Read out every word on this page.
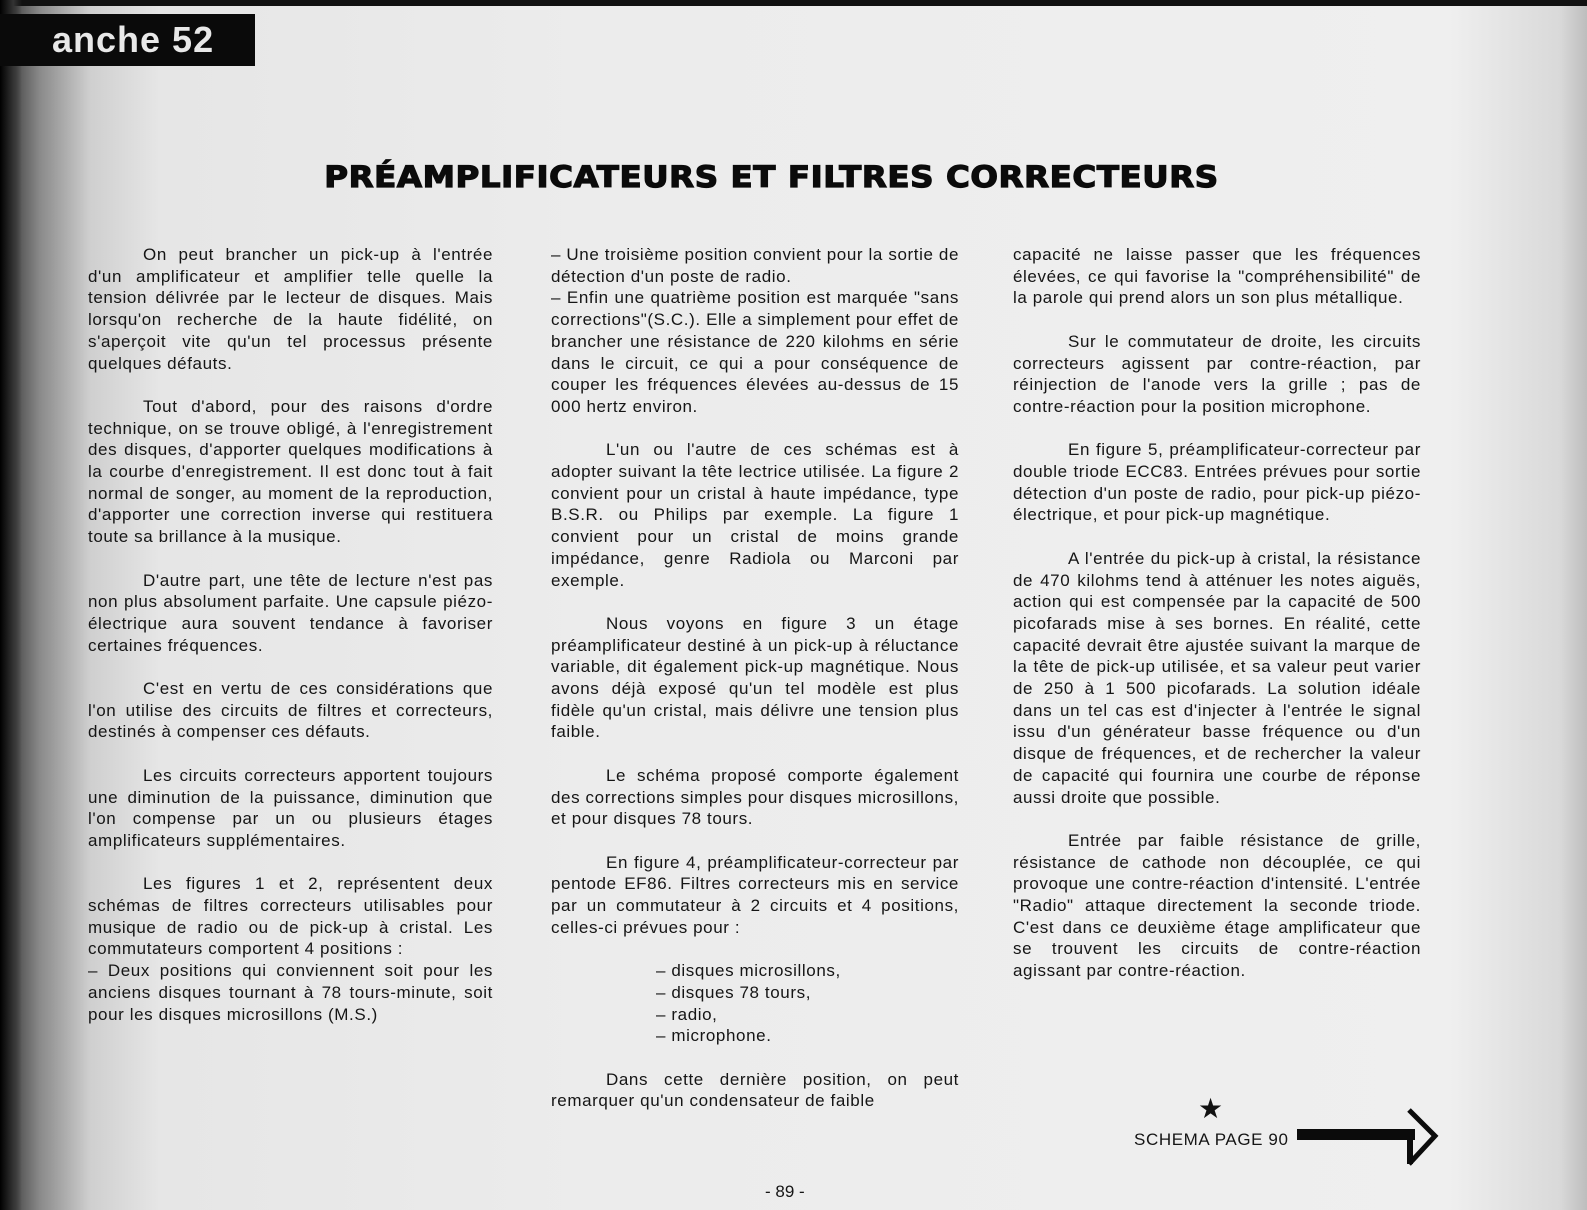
anche 52
PRÉAMPLIFICATEURS ET FILTRES CORRECTEURS

On peut brancher un pick-up à l'entrée d'un amplificateur et amplifier telle quelle la tension délivrée par le lecteur de disques. Mais lorsqu'on recherche de la haute fidélité, on s'aperçoit vite qu'un tel processus présente quelques défauts.

Tout d'abord, pour des raisons d'ordre technique, on se trouve obligé, à l'enregistrement des disques, d'apporter quelques modifications à la courbe d'enregistrement. Il est donc tout à fait normal de songer, au moment de la reproduction, d'apporter une correction inverse qui restituera toute sa brillance à la musique.

D'autre part, une tête de lecture n'est pas non plus absolument parfaite. Une capsule piézo-électrique aura souvent tendance à favoriser certaines fréquences.

C'est en vertu de ces considérations que l'on utilise des circuits de filtres et correcteurs, destinés à compenser ces défauts.

Les circuits correcteurs apportent toujours une diminution de la puissance, diminution que l'on compense par un ou plusieurs étages amplificateurs supplémentaires.

Les figures 1 et 2, représentent deux schémas de filtres correcteurs utilisables pour musique de radio ou de pick-up à cristal. Les commutateurs comportent 4 positions :

– Deux positions qui conviennent soit pour les anciens disques tournant à 78 tours-minute, soit pour les disques microsillons (M.S.)

– Une troisième position convient pour la sortie de détection d'un poste de radio.

– Enfin une quatrième position est marquée "sans corrections"(S.C.). Elle a simplement pour effet de brancher une résistance de 220 kilohms en série dans le circuit, ce qui a pour conséquence de couper les fréquences élevées au-dessus de 15 000 hertz environ.

L'un ou l'autre de ces schémas est à adopter suivant la tête lectrice utilisée. La figure 2 convient pour un cristal à haute impédance, type B.S.R. ou Philips par exemple. La figure 1 convient pour un cristal de moins grande impédance, genre Radiola ou Marconi par exemple.

Nous voyons en figure 3 un étage préamplificateur destiné à un pick-up à réluctance variable, dit également pick-up magnétique. Nous avons déjà exposé qu'un tel modèle est plus fidèle qu'un cristal, mais délivre une tension plus faible.

Le schéma proposé comporte également des corrections simples pour disques microsillons, et pour disques 78 tours.

En figure 4, préamplificateur-correcteur par pentode EF86. Filtres correcteurs mis en service par un commutateur à 2 circuits et 4 positions, celles-ci prévues pour :

– disques microsillons,
– disques 78 tours,
– radio,
– microphone.

Dans cette dernière position, on peut remarquer qu'un condensateur de faible

capacité ne laisse passer que les fréquences élevées, ce qui favorise la "compréhensibilité" de la parole qui prend alors un son plus métallique.

Sur le commutateur de droite, les circuits correcteurs agissent par contre-réaction, par réinjection de l'anode vers la grille ; pas de contre-réaction pour la position microphone.

En figure 5, préamplificateur-correcteur par double triode ECC83. Entrées prévues pour sortie détection d'un poste de radio, pour pick-up piézo-électrique, et pour pick-up magnétique.

A l'entrée du pick-up à cristal, la résistance de 470 kilohms tend à atténuer les notes aiguës, action qui est compensée par la capacité de 500 picofarads mise à ses bornes. En réalité, cette capacité devrait être ajustée suivant la marque de la tête de pick-up utilisée, et sa valeur peut varier de 250 à 1 500 picofarads. La solution idéale dans un tel cas est d'injecter à l'entrée le signal issu d'un générateur basse fréquence ou d'un disque de fréquences, et de rechercher la valeur de capacité qui fournira une courbe de réponse aussi droite que possible.

Entrée par faible résistance de grille, résistance de cathode non découplée, ce qui provoque une contre-réaction d'intensité. L'entrée "Radio" attaque directement la seconde triode. C'est dans ce deuxième étage amplificateur que se trouvent les circuits de contre-réaction agissant par contre-réaction.

★
SCHEMA PAGE 90
- 89 -
